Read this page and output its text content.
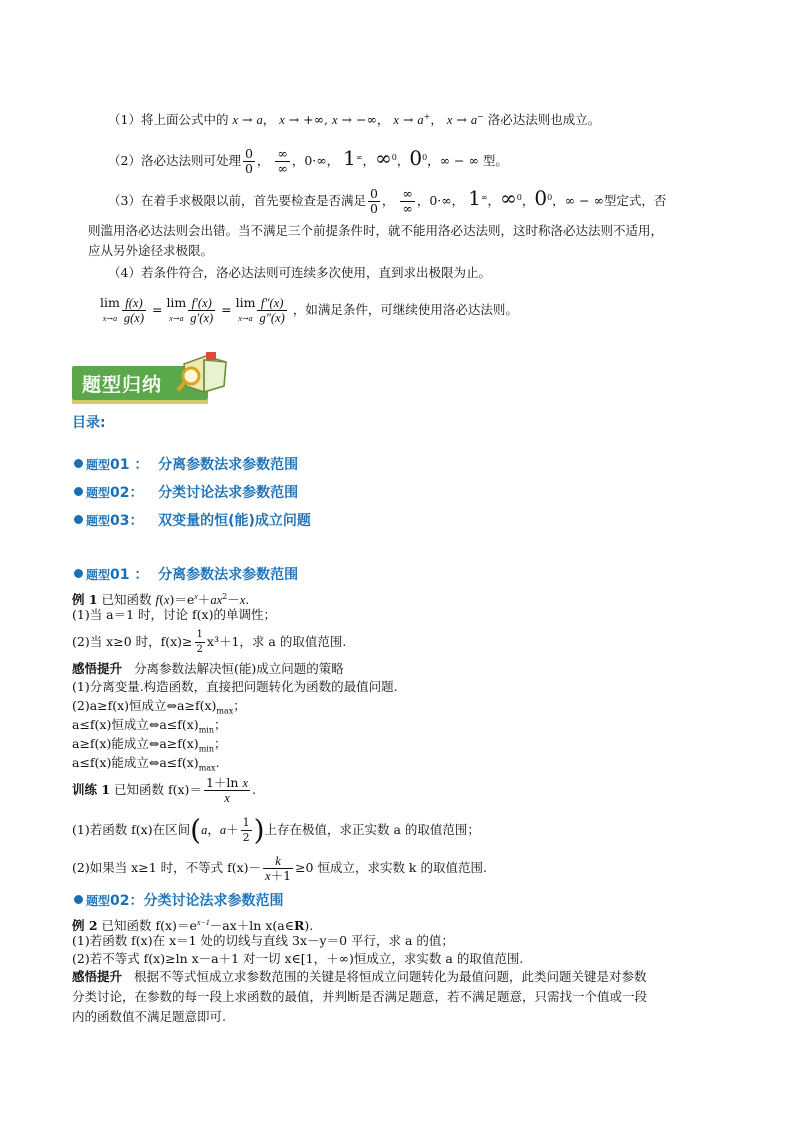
（1）将上面公式中的 x → a， x → +∞, x → −∞， x → a+， x → a− 洛必达法则也成立。
（2）洛必达法则可处理 $\frac{0}{0}$ ， $\frac{\infty}{\infty}$ ，0·∞， 1∞，∞$^0$，$0^0$，∞ − ∞ 型。
（3）在着手求极限以前，首先要检查是否满足 $\frac{0}{0}$ ， $\frac{\infty}{\infty}$ ，0·∞， 1∞，∞$^0$，$0^0$，∞ − ∞型定式，否
则滥用洛必达法则会出错。当不满足三个前提条件时，就不能用洛必达法则，这时称洛必达法则不适用，
应从另外途径求极限。
（4）若条件符合，洛必达法则可连续多次使用，直到求出极限为止。
lim
$x\to a \frac{f(x)}{g(x)} = \lim$
$x\to a \frac{f'(x)}{g'(x)} = \lim$
$x\to a \frac{f''(x)}{g''(x)}$ ，如满足条件，可继续使用洛必达法则。
题型归纳
目录:
题型01 ： 分离参数法求参数范围
题型02： 分类讨论法求参数范围
题型03： 双变量的恒(能)成立问题
题型01 ： 分离参数法求参数范围
例 1 已知函数 $f(x)=e^x+ax^2-x$.
(1)当 a＝1 时，讨论 f(x)的单调性；
(2)当 x≥0 时，$f(x)\ge \frac{1}{2} x^3+1$，求 a 的取值范围.
感悟提升 分离参数法解决恒(能)成立问题的策略
(1)分离变量.构造函数，直接把问题转化为函数的最值问题.
(2)a≥f(x)恒成立$\Leftrightarrow a\ge f(x)_{max}$；
a≤f(x)恒成立$\Leftrightarrow a\le f(x)_{min}$；
a≥f(x)能成立$\Leftrightarrow a\ge f(x)_{min}$；
a≤f(x)能成立$\Leftrightarrow a\le f(x)_{max}$.
训练 1 已知函数 $f(x)= \frac{\text{1＋ln x}}{x}$ .
(1)若函数 f(x)在区间(a，$a+ \frac{1}{2}$ )上存在极值，求正实数 a 的取值范围；
(2)如果当 x≥1 时，不等式 $f(x)- \frac{k}{x+1} \ge 0$ 恒成立，求实数 k 的取值范围.
题型02：分类讨论法求参数范围
例 2 已知函数 $f(x)=e^{x-1}-ax+\ln$ x(a∈R).
(1)若函数 f(x)在 x＝1 处的切线与直线 3x－y＝0 平行，求 a 的值；
(2)若不等式 f(x)≥ln x－a＋1 对一切 x∈[1，＋∞)恒成立，求实数 a 的取值范围.
感悟提升 根据不等式恒成立求参数范围的关键是将恒成立问题转化为最值问题，此类问题关键是对参数
分类讨论，在参数的每一段上求函数的最值，并判断是否满足题意，若不满足题意，只需找一个值或一段
内的函数值不满足题意即可.
